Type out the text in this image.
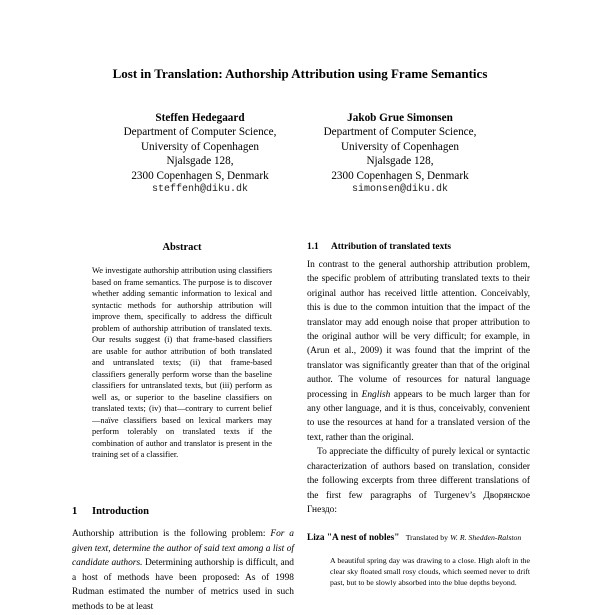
Lost in Translation: Authorship Attribution using Frame Semantics
Steffen Hedegaard
Department of Computer Science,
University of Copenhagen
Njalsgade 128,
2300 Copenhagen S, Denmark
steffenh@diku.dk
Jakob Grue Simonsen
Department of Computer Science,
University of Copenhagen
Njalsgade 128,
2300 Copenhagen S, Denmark
simonsen@diku.dk
Abstract
We investigate authorship attribution using classifiers based on frame semantics. The purpose is to discover whether adding semantic information to lexical and syntactic methods for authorship attribution will improve them, specifically to address the difficult problem of authorship attribution of translated texts. Our results suggest (i) that frame-based classifiers are usable for author attribution of both translated and untranslated texts; (ii) that frame-based classifiers generally perform worse than the baseline classifiers for untranslated texts, but (iii) perform as well as, or superior to the baseline classifiers on translated texts; (iv) that—contrary to current belief—naïve classifiers based on lexical markers may perform tolerably on translated texts if the combination of author and translator is present in the training set of a classifier.
1 Introduction
Authorship attribution is the following problem: For a given text, determine the author of said text among a list of candidate authors. Determining authorship is difficult, and a host of methods have been proposed: As of 1998 Rudman estimated the number of metrics used in such methods to be at least
1.1 Attribution of translated texts

In contrast to the general authorship attribution problem, the specific problem of attributing translated texts to their original author has received little attention. Conceivably, this is due to the common intuition that the impact of the translator may add enough noise that proper attribution to the original author will be very difficult; for example, in (Arun et al., 2009) it was found that the imprint of the translator was significantly greater than that of the original author. The volume of resources for natural language processing in English appears to be much larger than for any other language, and it is thus, conceivably, convenient to use the resources at hand for a translated version of the text, rather than the original.

To appreciate the difficulty of purely lexical or syntactic characterization of authors based on translation, consider the following excerpts from three different translations of the first few paragraphs of Turgenev’s Дворянское Гнездо:

Liza "A nest of nobles" Translated by W. R. Shedden-Ralston
A beautiful spring day was drawing to a close. High aloft in the clear sky floated small rosy clouds, which seemed never to drift past, but to be slowly absorbed into the blue depths beyond.
